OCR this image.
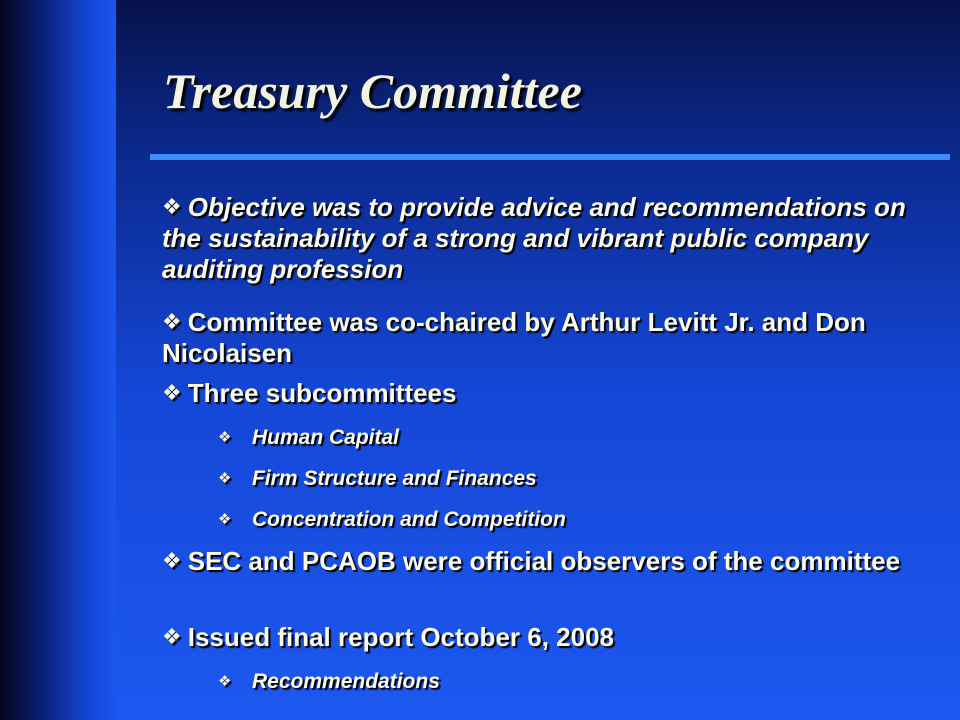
Treasury Committee
❖ Objective was to provide advice and recommendations on the sustainability of a strong and vibrant public company auditing profession
❖ Committee was co-chaired by Arthur Levitt Jr. and Don Nicolaisen
❖ Three subcommittees
❖ Human Capital
❖ Firm Structure and Finances
❖ Concentration and Competition
❖ SEC and PCAOB were official observers of the committee
❖ Issued final report October 6, 2008
❖ Recommendations
